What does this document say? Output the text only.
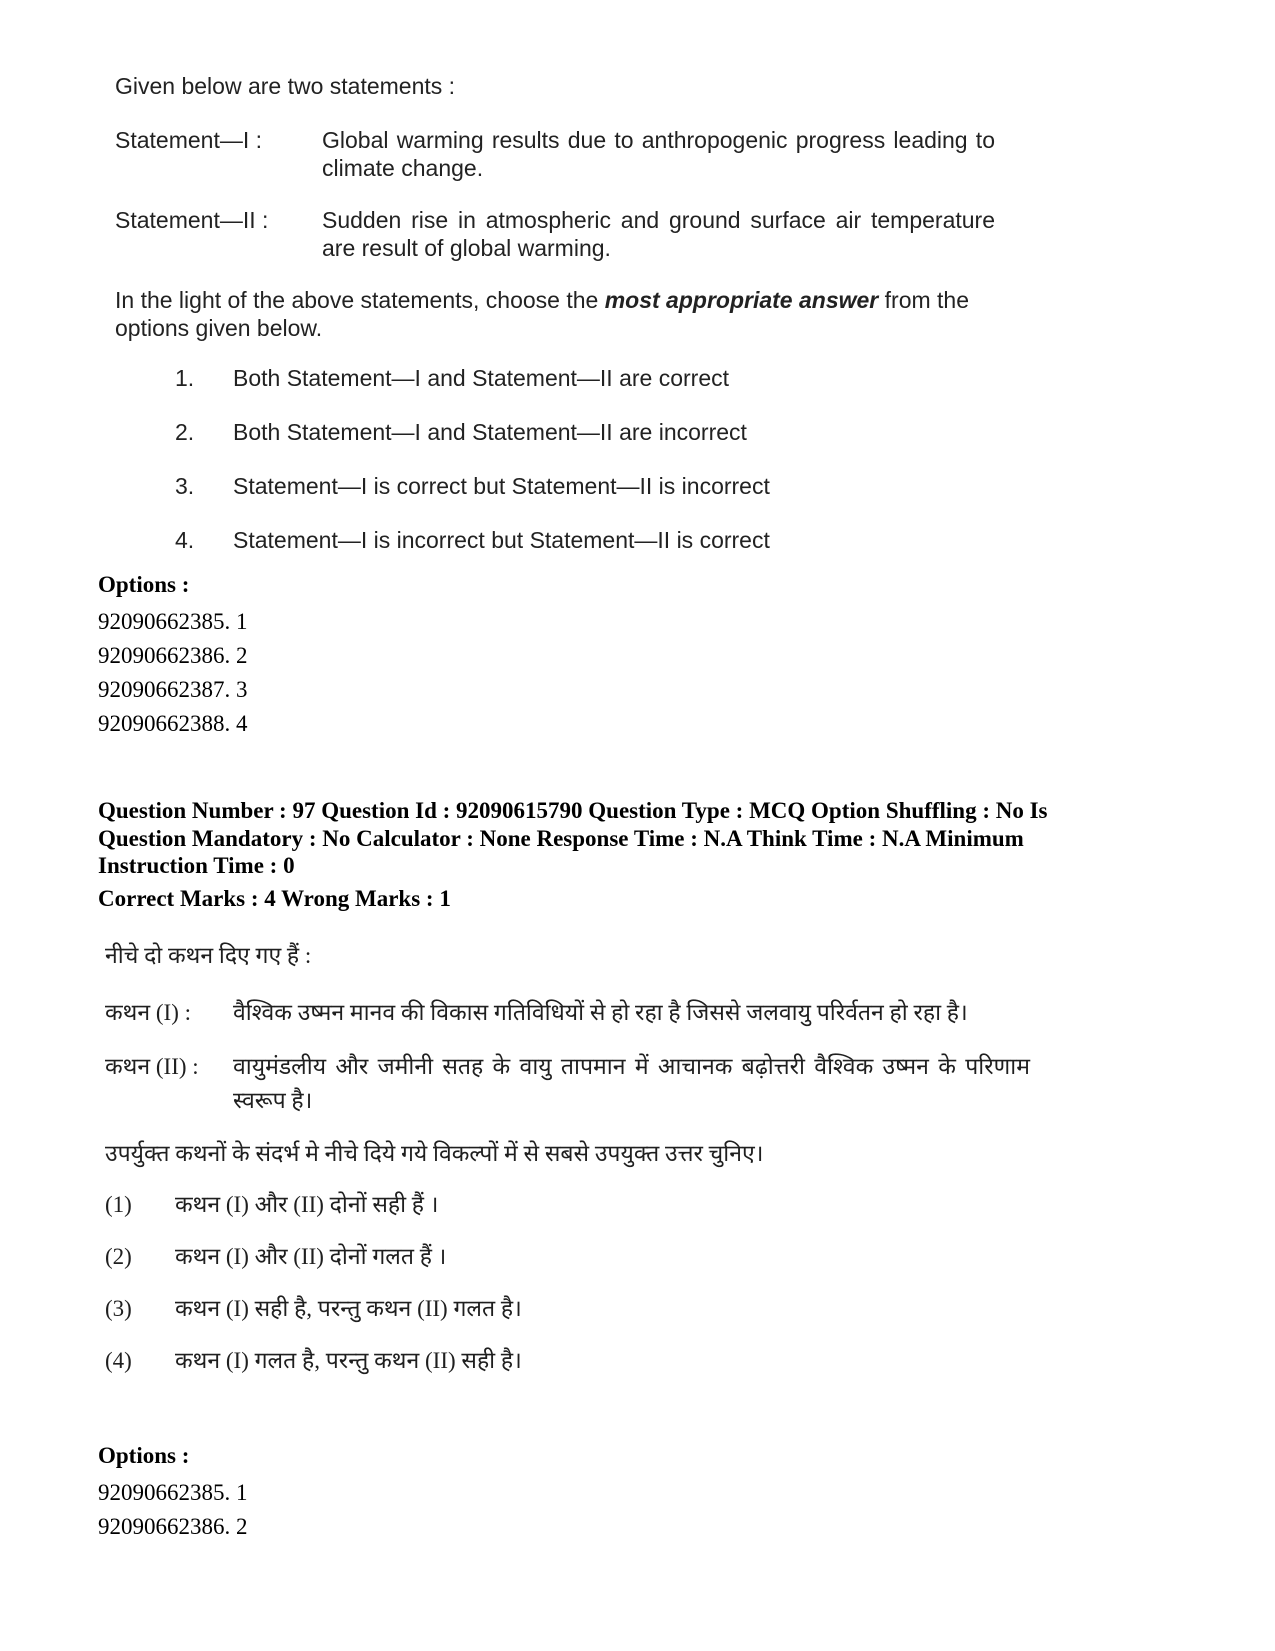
Given below are two statements :

Statement—I :	Global warming results due to anthropogenic progress leading to climate change.
Statement—II :	Sudden rise in atmospheric and ground surface air temperature are result of global warming.

In the light of the above statements, choose the most appropriate answer from the options given below.

1.	Both Statement—I and Statement—II are correct
2.	Both Statement—I and Statement—II are incorrect
3.	Statement—I is correct but Statement—II is incorrect
4.	Statement—I is incorrect but Statement—II is correct
Options :
92090662385. 1
92090662386. 2
92090662387. 3
92090662388. 4
Question Number : 97 Question Id : 92090615790 Question Type : MCQ Option Shuffling : No Is
Question Mandatory : No Calculator : None Response Time : N.A Think Time : N.A Minimum
Instruction Time : 0
Correct Marks : 4 Wrong Marks : 1

नीचे दो कथन दिए गए हैं :

कथन (I) :	वैश्विक उष्मन मानव की विकास गतिविधियों से हो रहा है जिससे जलवायु परिर्वतन हो रहा है।
कथन (II) :	वायुमंडलीय और जमीनी सतह के वायु तापमान में आचानक बढ़ोत्तरी वैश्विक उष्मन के परिणाम स्वरूप है।

उपर्युक्त कथनों के संदर्भ मे नीचे दिये गये विकल्पों में से सबसे उपयुक्त उत्तर चुनिए।

(1)	कथन (I) और (II) दोनों सही हैं ।
(2)	कथन (I) और (II) दोनों गलत हैं ।
(3)	कथन (I) सही है, परन्तु कथन (II) गलत है।
(4)	कथन (I) गलत है, परन्तु कथन (II) सही है।
Options :
92090662385. 1
92090662386. 2
